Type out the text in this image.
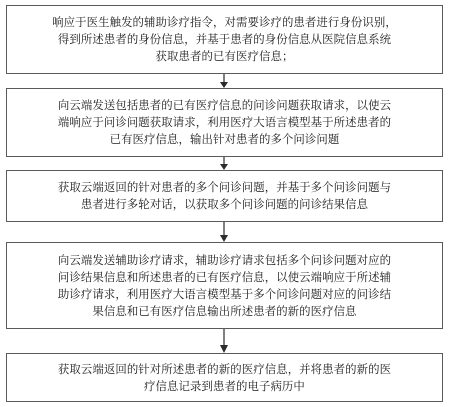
响应于医生触发的辅助诊疗指令，对需要诊疗的患者进行身份识别，
得到所述患者的身份信息，并基于患者的身份信息从医院信息系统
获取患者的已有医疗信息；
向云端发送包括患者的已有医疗信息的问诊问题获取请求，以使云
端响应于问诊问题获取请求，利用医疗大语言模型基于所述患者的
已有医疗信息，输出针对患者的多个问诊问题
获取云端返回的针对患者的多个问诊问题，并基于多个问诊问题与
患者进行多轮对话，以获取多个问诊问题的问诊结果信息
向云端发送辅助诊疗请求，辅助诊疗请求包括多个问诊问题对应的
问诊结果信息和所述患者的已有医疗信息，以使云端响应于所述辅
助诊疗请求，利用医疗大语言模型基于多个问诊问题对应的问诊结
果信息和已有医疗信息输出所述患者的新的医疗信息
获取云端返回的针对所述患者的新的医疗信息，并将患者的新的医
疗信息记录到患者的电子病历中
